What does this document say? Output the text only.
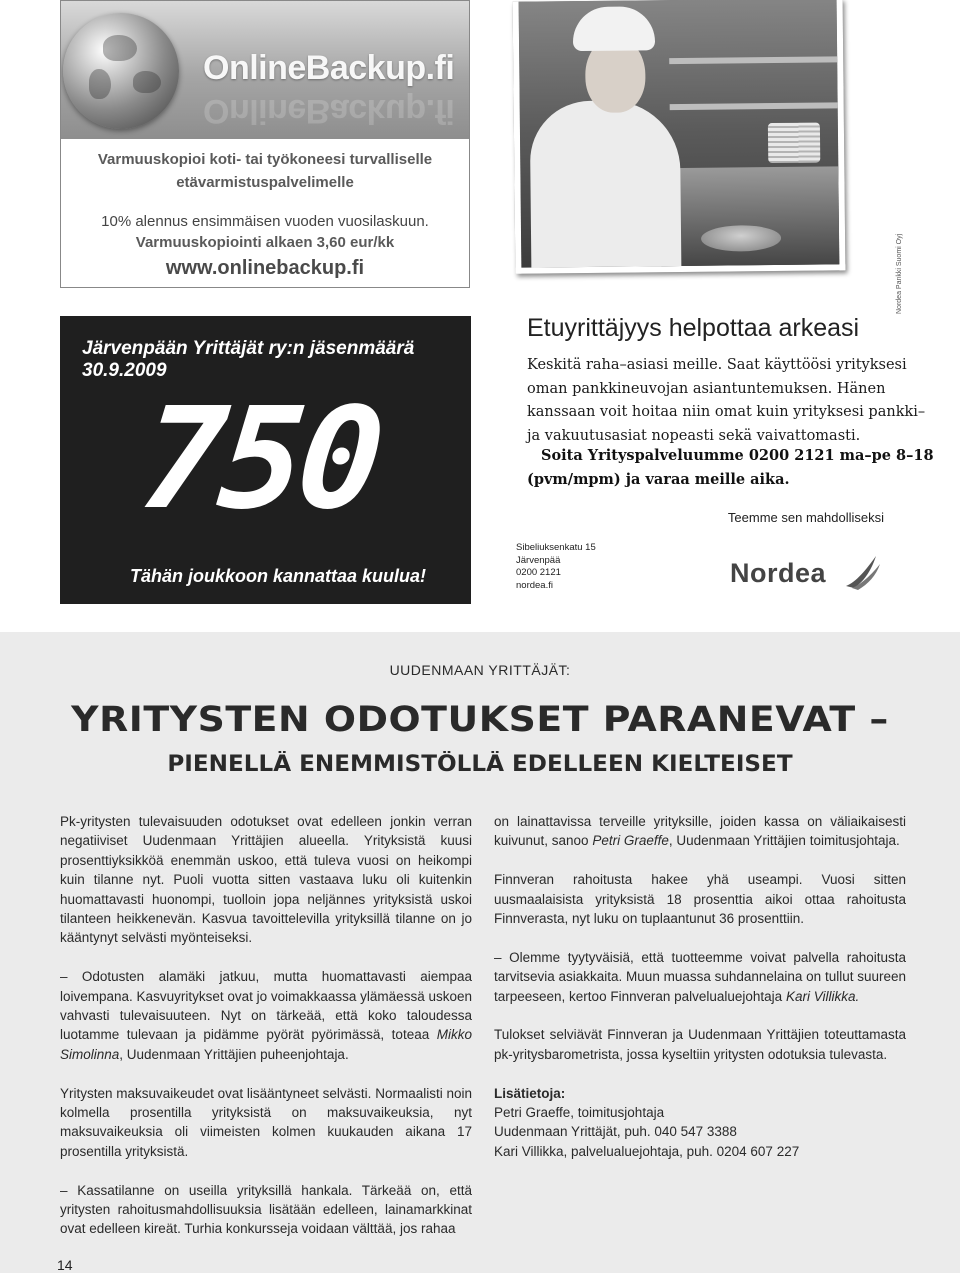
OnlineBackup.fi
OnlineBackup.fi
Varmuuskopioi koti- tai työkoneesi turvalliselle
etävarmistuspalvelimelle
10% alennus ensimmäisen vuoden vuosilaskuun.
Varmuuskopiointi alkaen 3,60 eur/kk
www.onlinebackup.fi
Järvenpään Yrittäjät ry:n jäsenmäärä 30.9.2009
750
Tähän joukkoon kannattaa kuulua!
Nordea Pankki Suomi Oyj
Etuyrittäjyys helpottaa arkeasi
Keskitä raha–asiasi meille. Saat käyttöösi yrityksesi
oman pankkineuvojan asiantuntemuksen. Hänen
kanssaan voit hoitaa niin omat kuin yrityksesi pankki–
ja vakuutusasiat nopeasti sekä vaivattomasti.
Soita Yrityspalveluumme 0200 2121 ma–pe 8–18
(pvm/mpm) ja varaa meille aika.
Teemme sen mahdolliseksi
Sibeliuksenkatu 15
Järvenpää
0200 2121
nordea.fi	Nordea
UUDENMAAN YRITTÄJÄT:
YRITYSTEN ODOTUKSET PARANEVAT –
PIENELLÄ ENEMMISTÖLLÄ EDELLEEN KIELTEISET

Pk-yritysten tulevaisuuden odotukset ovat edelleen jonkin verran negatiiviset Uudenmaan Yrittäjien alueella. Yrityksistä kuusi prosenttiyksikköä enemmän uskoo, että tuleva vuosi on heikompi kuin tilanne nyt. Puoli vuotta sitten vastaava luku oli kuitenkin huomattavasti huonompi, tuolloin jopa neljännes yrityksistä uskoi tilanteen heikkenevän. Kasvua tavoittelevilla yrityksillä tilanne on jo kääntynyt selvästi myönteiseksi.

– Odotusten alamäki jatkuu, mutta huomattavasti aiempaa loivempana. Kasvuyritykset ovat jo voimakkaassa ylämäessä uskoen vahvasti tulevaisuuteen. Nyt on tärkeää, että koko taloudessa luotamme tulevaan ja pidämme pyörät pyörimässä, toteaa Mikko Simolinna, Uudenmaan Yrittäjien puheenjohtaja.

Yritysten maksuvaikeudet ovat lisääntyneet selvästi. Normaalisti noin kolmella prosentilla yrityksistä on maksuvaikeuksia, nyt maksuvaikeuksia oli viimeisten kolmen kuukauden aikana 17 prosentilla yrityksistä.

– Kassatilanne on useilla yrityksillä hankala. Tärkeää on, että yritysten rahoitusmahdollisuuksia lisätään edelleen, lainamarkkinat ovat edelleen kireät. Turhia konkursseja voidaan välttää, jos rahaa

on lainattavissa terveille yrityksille, joiden kassa on väliaikaisesti kuivunut, sanoo Petri Graeffe, Uudenmaan Yrittäjien toimitusjohtaja.

Finnveran rahoitusta hakee yhä useampi. Vuosi sitten uusmaalaisista yrityksistä 18 prosenttia aikoi ottaa rahoitusta Finnverasta, nyt luku on tuplaantunut 36 prosenttiin.

– Olemme tyytyväisiä, että tuotteemme voivat palvella rahoitusta tarvitsevia asiakkaita. Muun muassa suhdannelaina on tullut suureen tarpeeseen, kertoo Finnveran palvelualuejohtaja Kari Villikka.

Tulokset selviävät Finnveran ja Uudenmaan Yrittäjien toteuttamasta pk-yritysbarometrista, jossa kyseltiin yritysten odotuksia tulevasta.

Lisätietoja:
Petri Graeffe, toimitusjohtaja
Uudenmaan Yrittäjät, puh. 040 547 3388
Kari Villikka, palvelualuejohtaja, puh. 0204 607 227

14
